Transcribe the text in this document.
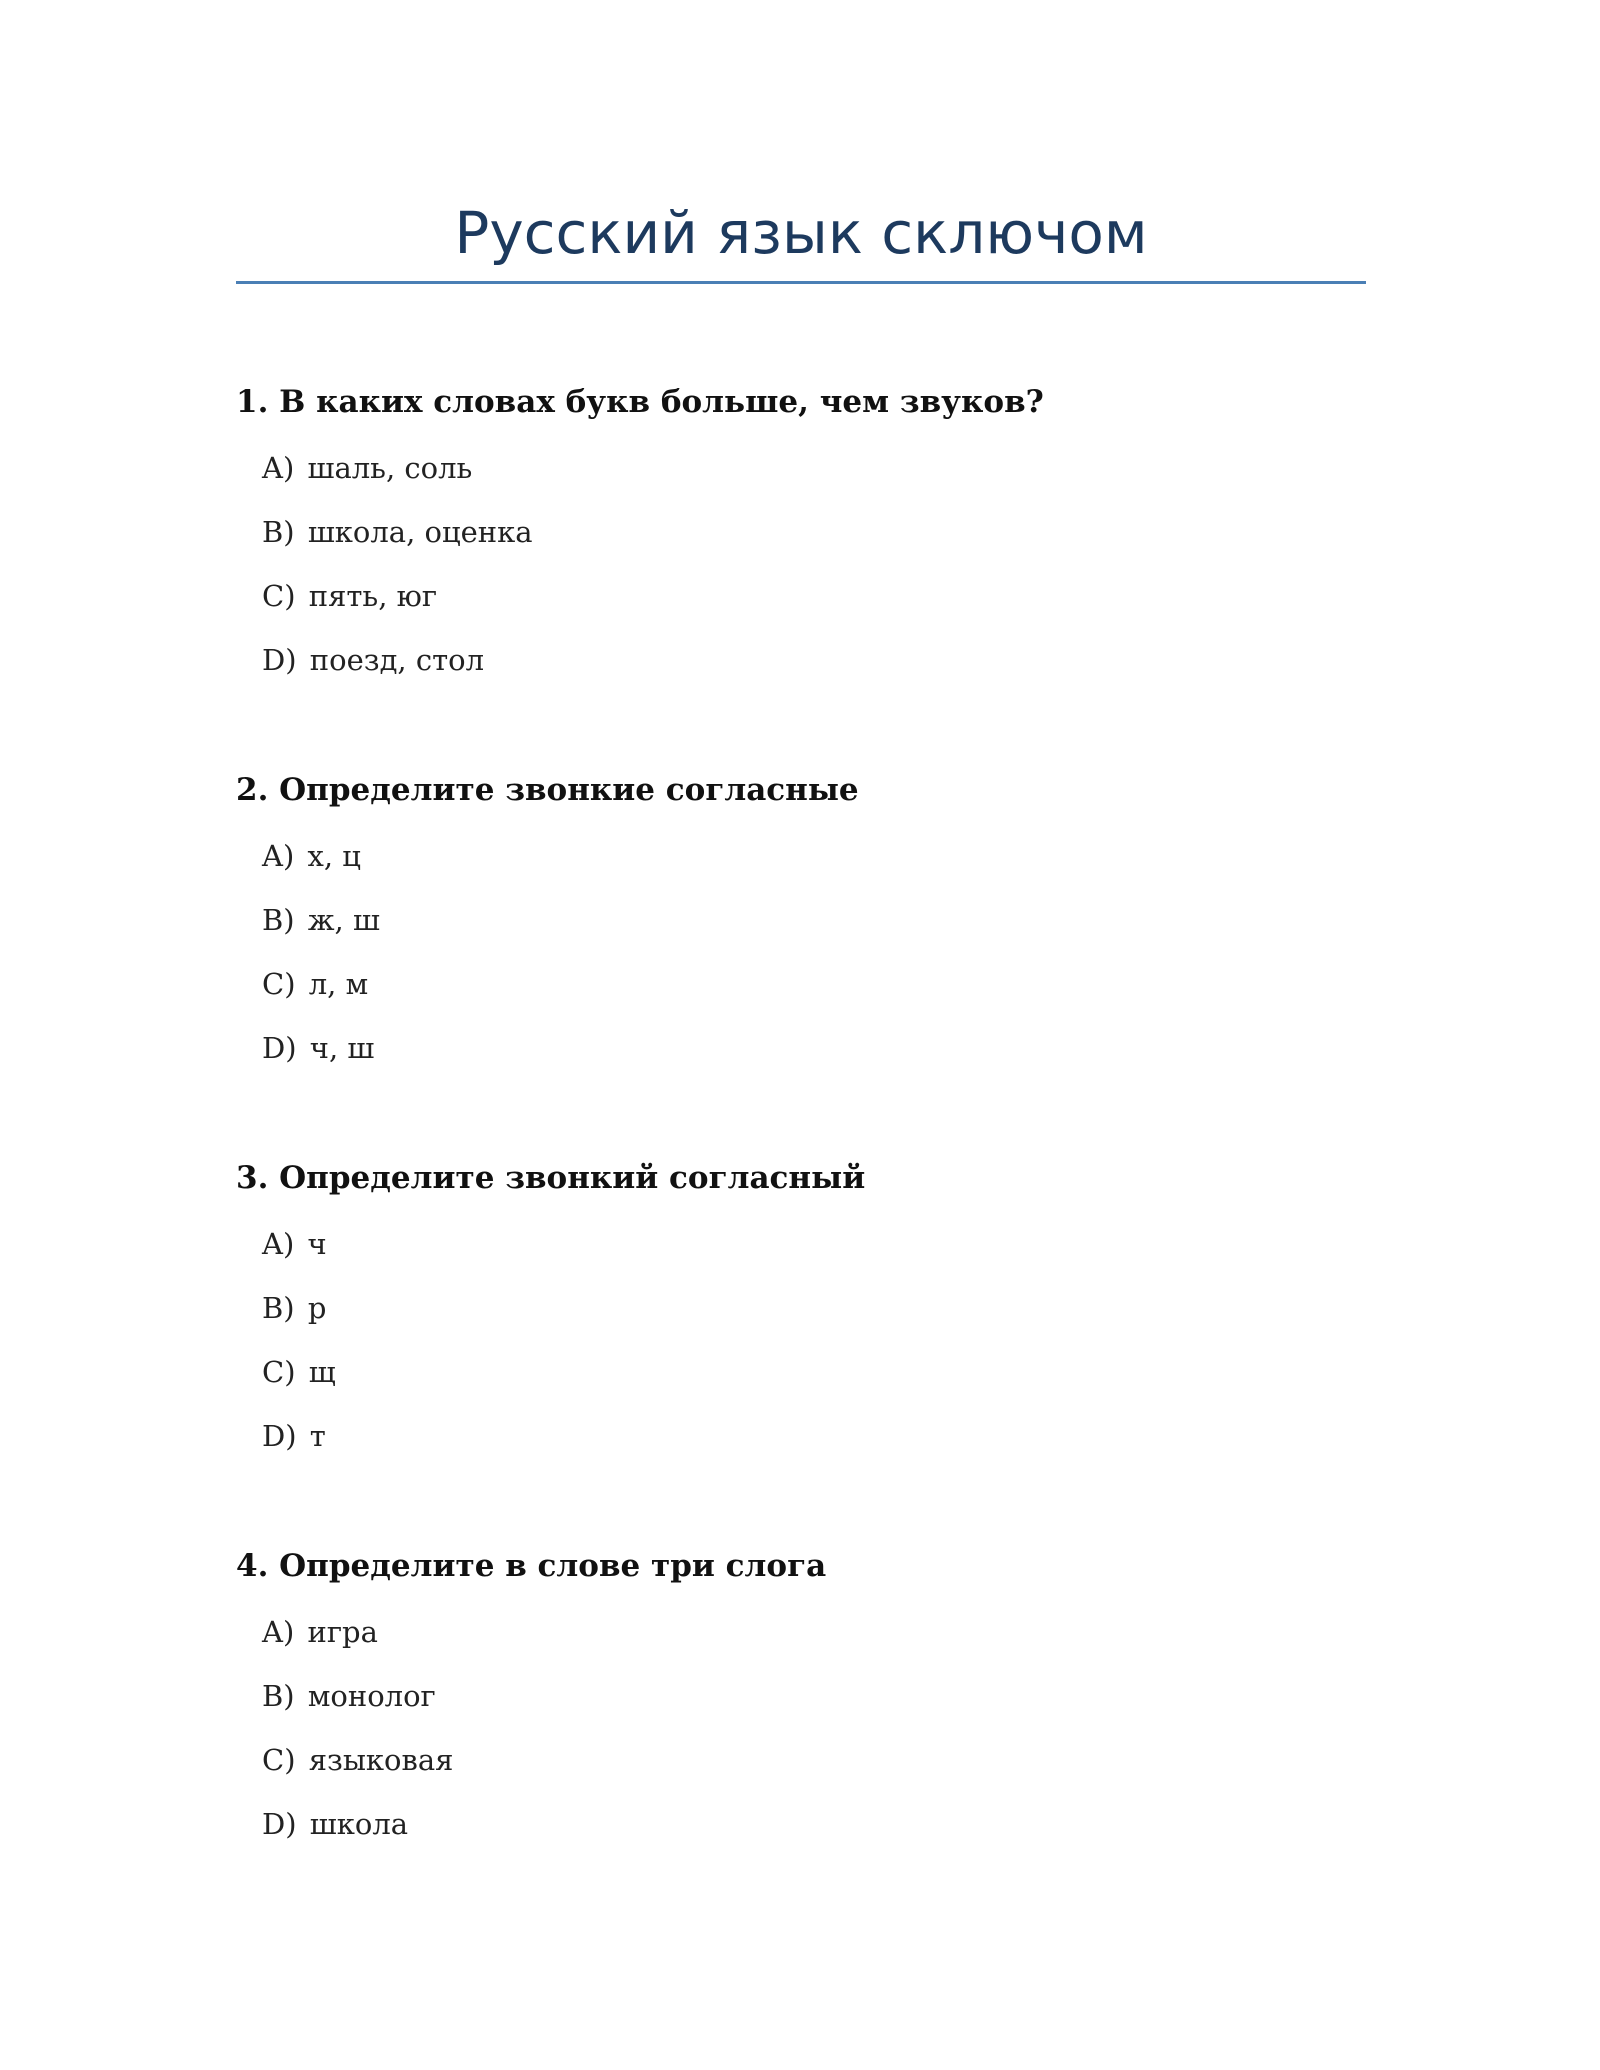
Русский язык сключом
1. В каких словах букв больше, чем звуков?
A) шаль, соль
B) школа, оценка
C) пять, юг
D) поезд, стол
2. Определите звонкие согласные
A) х, ц
B) ж, ш
C) л, м
D) ч, ш
3. Определите звонкий согласный
A) ч
B) р
C) щ
D) т
4. Определите в слове три слога
A) игра
B) монолог
C) языковая
D) школа
